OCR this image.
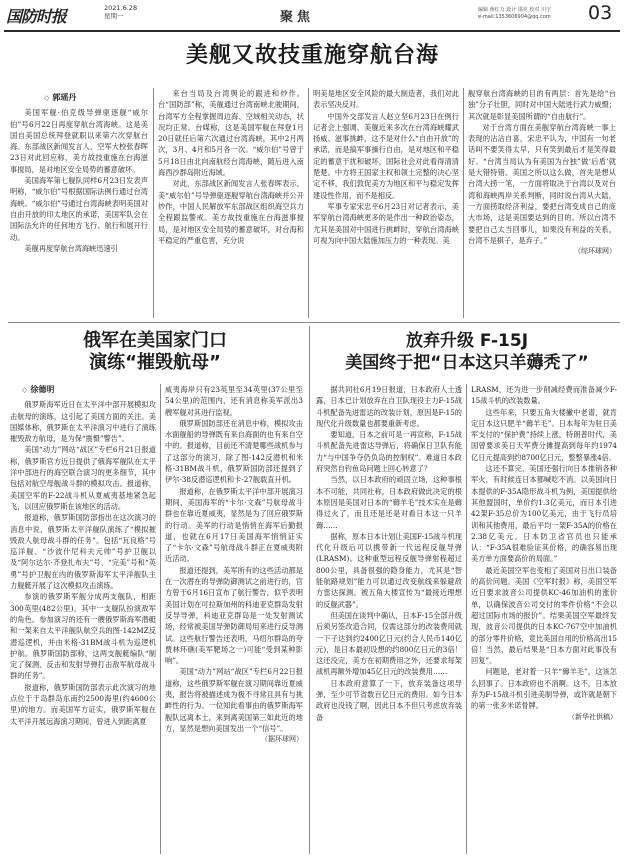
国防时报	2021.6.28
星期一	聚焦	编辑 蒋红力 设计 邵亮 校对 川宇
e-mail:1353606904@qq.com 03
美舰又故技重施穿航台海
◇ 郭瑶丹

美国军舰·伯克级导弹驱逐舰“威尔伯”号6月22日再度穿航台湾海峡。这是美国自美国总统拜登就职以来第六次穿航台海。东部战区新闻发言人、空军大校张春晖23日对此回应称，美方故技重施在台海滋事搅局，是对地区安全局势的蓄意破坏。

美国海军第七舰队同样6月23日发表声明称，“威尔伯”号根据国际法例行通过台湾海峡。“威尔伯”号通过台湾海峡表明美国对自由开放的印太地区的承诺，美国军队会在国际法允许的任何地方飞行、航行和展开行动。

美舰再度穿航台湾海峡迅速引

来台当局及台湾舆论的跟进和炒作。台“国防部”称，美舰通过台湾南峡北驶期间，台湾军方全程掌握周边海、空域相关动态，状况均正常。台媒称，这是美国军舰在拜登1月20日就任后第六次通过台湾海峡，其中2月两次，3月、4月和5月各一次。“威尔伯”号曾于5月18日由北向南航经台湾海峡，随后进入南海西沙群岛附近海域。

对此，东部战区新闻发言人张春晖表示，美“威尔伯”号导弹驱逐舰穿航台湾海峡并公开炒作，中国人民解放军东部战区组织海空兵力全程跟监警戒。美方故技重施在台海滋事搅局，是对地区安全局势的蓄意破坏，对台海和平稳定的严重危害，充分说

明美是地区安全风险的最大制造者，我们对此表示坚决反对。

中国外交部发言人赵立坚6月23日在例行记者会上强调，美舰近来多次在台湾海峡耀武扬威、滋事挑衅，这不是对什么“自由开放”的承诺，而是搞军事操行自由，是对地区和平稳定的蓄意干扰和破坏，国际社会对此看得清清楚楚。中方将王国家主权和领土完整的决心坚定不移，我们敦促美方为地区和平与稳定发挥建设性作用，而不是相反。

军事专家宋忠平6月23日对记者表示，美军穿航台湾海峡更多的是作出一种政治姿态，尤其是美国对中国进行挑衅时，穿航台湾海峡可视为向中国大陆施加压力的一种表现。美

舰穿航台湾海峡的目的有两层：首先是给“台独”分子壮胆，同时对中国大陆进行武力威慑；其次就是彰显美国所谓的“自由航行”。

对于台湾方面在美舰穿航台湾海峡一事上表现的沾沾自喜，宋忠平认为，中国有一句老话叫不要笑得太早，只有笑到最后才是笑得最好。“台湾当局认为有美国为台独”做‘后盾’就是大错特错。美国之所以这么做，首先是想从台湾大捞一笔，一方面将取决于台湾以及对台湾和海峡两岸关系判断，同时说台湾从大陆，一方面捞取经济利益，要把台湾变成自己的庞大市场，这是美国要达到的目的。所以台湾不要把自己太当回事儿，如果没有利益的关系，台湾不是棋子，是弃子。”

（综环球网）
俄军在美国家门口
演练“摧毁航母”
◇ 徐德明

俄罗斯海军近日在太平洋中部开展模拟攻击航母的演练，这引起了美国方面的关注。美国媒体称，俄罗斯在太平洋演习中进行了演练摧毁敌方航母，是为保“震慑”警告”。

美国“动力”网站“战区”专栏6月21日报道称，俄罗斯官方近日提供了俄海军舰队在太平洋中部进行的海空联合演习的更多细节，其中包括对航空母舰战斗群的模拟攻击。报道称，美国空军的F-22战斗机从夏威夷基地紧急起飞，以回应俄罗斯在该地区的活动。

报道称，俄罗斯国防部指出在这次演习的消息中说，俄罗斯太平洋舰队演练了“模拟摧毁敌人航母战斗群的任务”。包括“瓦良格”号巡洋舰、“沙波什尼科夫元帅”号护卫舰以及“阿尔达尔·齐登扎布夫”号、“完美”号和“英勇”号护卫舰在内的俄罗斯海军太平洋舰队主力舰艇开展了这次模拟攻击演练。

参演的俄罗斯军舰分成两支舰队，相距300英里(482公里)，其中一支舰队扮演敌军的角色。参加演习的还有一艘俄罗斯海军潜艇和一架来自太平洋舰队航空兵的图-142MZ反潜巡逻机，并由米格-31BM战斗机为巡逻机护航。俄罗斯国防部称，这两支舰艇编队“制定了探测、反击和发射导弹打击敌军航母战斗群的任务”。

报道称，俄罗斯国防部表示此次演习的地点位于于岛群岛东南约2500海里(约4600公里)的地方。而美国军方证实，俄罗斯军舰在太平洋开展远海演习期间，曾进入到距离夏

威夷海岸只有23英里至34英里(37公里至54公里)的范围内，还有消息称美军派出3艘军舰对其进行监视。

俄罗斯国防部还在消息中称，模拟攻击水面舰船的导弹既有来自海面的也有来自空中的。报道称，目前还不清楚哪些战机参与了这部分的演习，除了图-142反潜机和米格-31BM战斗机，俄罗斯国防部还提到了伊尔-38反潜巡逻机和卡-27舰载直升机。

报道称，在俄罗斯太平洋中部开展演习期间，美国海军的“卡尔·文森”号航母战斗群也在靠近夏威夷，显然是为了回应俄罗斯的行动。美军的行动是悄悄在海军后勤报道，也就在6月17日美国海军悄悄证实了“卡尔·文森”号航母战斗群正在夏威夷附近活动。

报道还提到，美军所有的这些活动都是在一次潜在的导弹防御测试之前进行的，官方曾于6月16日宣布了航行警告，似乎表明美国计划在可拉斯加州的科迪亚克群岛发射反导导弹，科迪亚克群岛是一处发射测试场，经常被美国导弹防御局用来进行反导测试。这些航行警告还表明，马绍尔群岛的夸贾林环礁(美军靶场之一)可能“受到某种影响”。

美国“动力”网站“战区”专栏6月22日报道称，这些俄罗斯军舰在演习期间靠近夏威夷，报告将被描述成为极不寻常且具有与挑衅性的行为。一位知此看事由的俄罗斯海军舰队远离本土，来到离美国第三如此近的地方，显然是想向美国发出一个“信号”。

（据环球网）
放弃升级 F-15J
美国终于把“日本这只羊薅秃了”

据共同社6月19日报道，日本政府人士透露，日本已计划放弃在自卫队现役主力F-15战斗机配备先进雷达的改装计划，原因是F-15的现代化升级数量也都要重新考虑。

要知道，日本之前可是一再宣称，F-15战斗机配备先进雷达导弹后，将确保日卫队有能力“与中国争夺仍负岛的控制权”。难道日本政府突然自钓鱼岛问题上回心转意了？

当然，以日本政府的顽固立场，这种事根本不可能，共同社称，日本政府做此决定的根本原因是美国对日本的“薅羊毛”技术实在是薅得过火了，而且还是还是对看日本这一只羊薅……

据称，原本日本计划让美国F-15战斗机现代化升级后可以携带新一代远程反舰导弹(LRASM)。这种重型远程反舰导弹射程超过800公里，具备很强的隐身能力，尤其是“智能航路规划”能力可以通过改变航线来躲避敌方雷达探测。被五角大楼宣传为“最接近理想的反舰武器”。

但美国在谈判中确认，日本F-15全部升级后须另签改造合同，仅需这部分的改装费用就一下子达到约2400亿日元(约合人民币140亿元)，是日本最初设想的约800亿日元的3倍！这还没完，美方在初期费用之外，还要求每架战机再额外增加45亿日元的改装费用……

日本政府意算了一下，放弃装备这项导弹，至少可节省数百亿日元的费用。如今日本政府也没钱了啊，因此日本不但只考虑放弃装备

LRASM，还为进一步削减经费而准备减少F-15战斗机的改装数量。

这些年来，只要五角大楼撇中老谱，就肯定日本这只肥羊“薅羊毛”。日本每年为驻日美军支付的“保护费”持续上涨，特朗普时代，美国曾要求美日天军费分摊提高到每年约1974亿日元提高到约8700亿日元，整整暴涨4倍。

这还不算完，美国还强行向日本推销各种军火，有时候连日本都喊吃不消。以美国向日本提供的F-35A隐形战斗机为例，美国提供给其他盟国时，单价约1.3亿美元，而日本引进42架F-35总价为100亿美元，由于飞行员培训和其他费用，最后平均一架F-35A的价格在2.38亿美元。日本防卫省官员也只能承认：“F-35A很难验证其价格，的确容易出现美方单方面要高价的局面。”

最近美国空军也变相了美国对日出口装备的高价问题。美国《空军时报》称，美国空军近日要求波音公司提供KC-46加油机的涨价单，以确保波音公司交付的零件价格“不会以超过国际市场的报价”。结果美国空军最终发现，波音公司提供的日本KC-767空中加油机的部分零件价格，竟比美国自用的价格高出15倍！当然，最后结果是“日本方面对此事没有回复”。

问题是，老对着一只羊“薅羊毛”，这该怎么回事了。日本政府也不消啊。这不，日本放弃为F-15战斗机引进美制导弹，或许就是朝下的第一张多米诺骨牌。

（新华社供稿）
